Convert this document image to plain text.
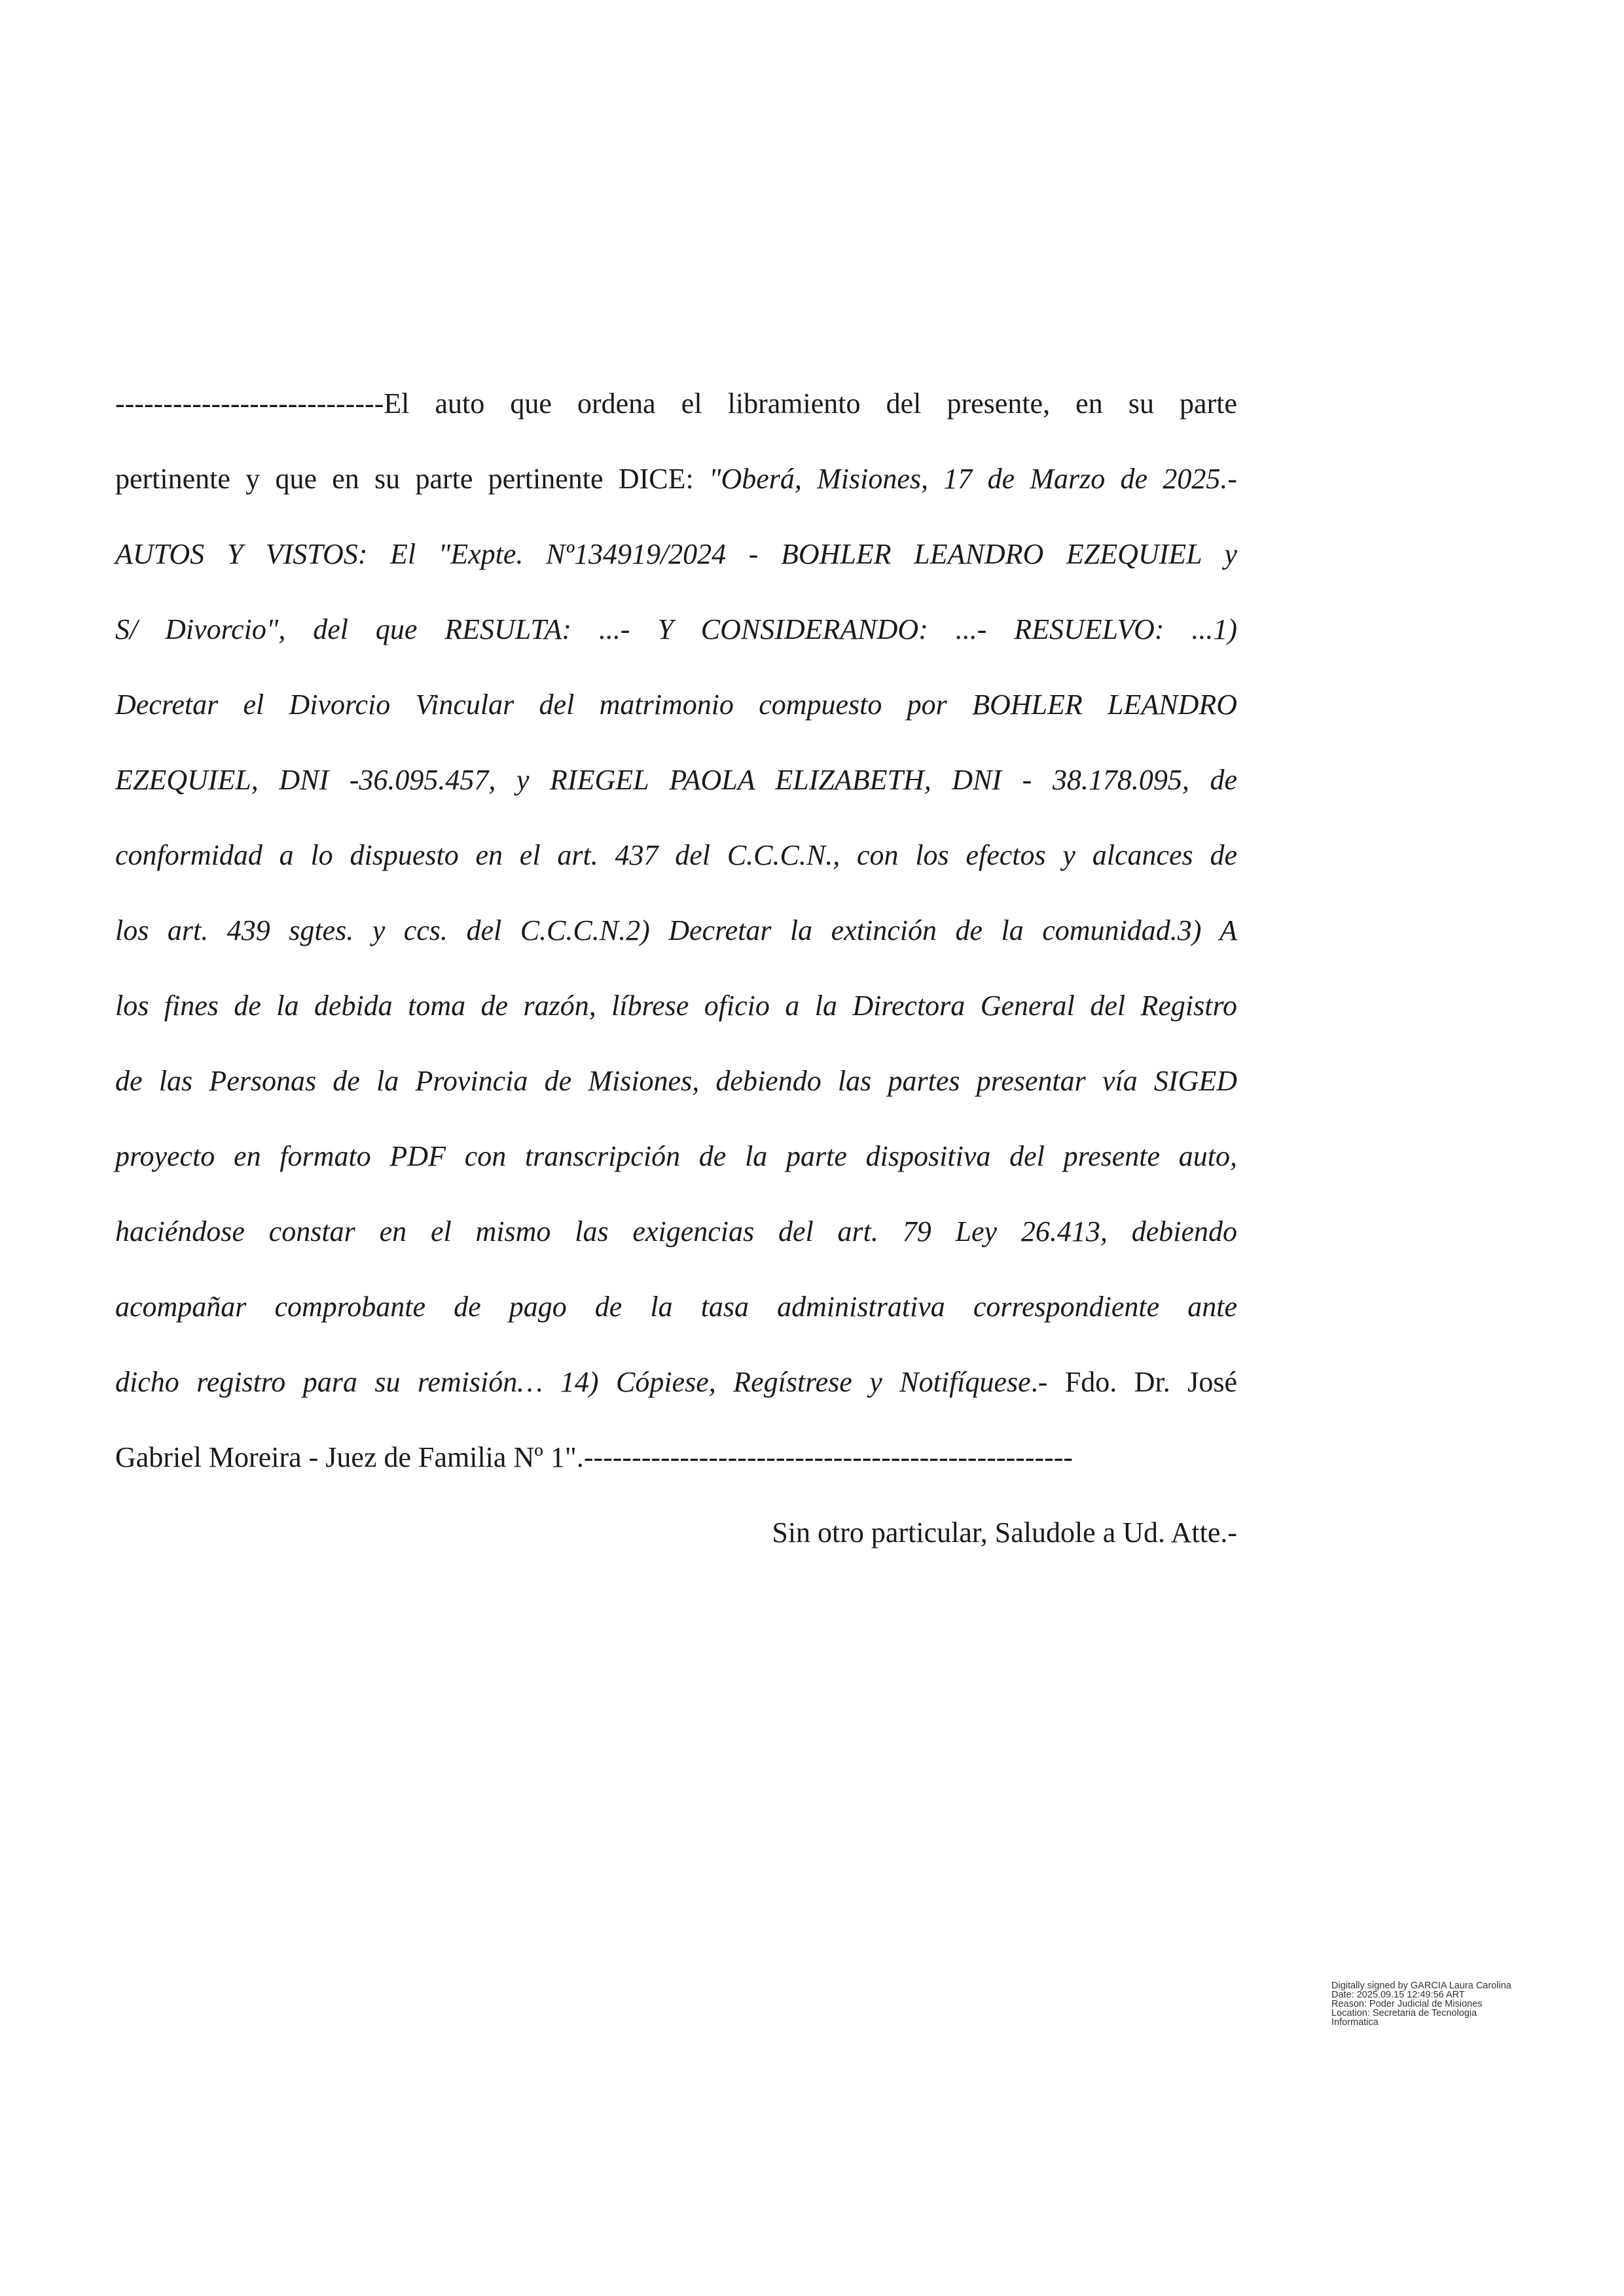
----------------------------El auto que ordena el libramiento del presente, en su parte
pertinente y que en su parte pertinente DICE: "Oberá, Misiones, 17 de Marzo de 2025.-
AUTOS Y VISTOS: El "Expte. Nº134919/2024 - BOHLER LEANDRO EZEQUIEL y
S/ Divorcio", del que RESULTA: ...- Y CONSIDERANDO: ...- RESUELVO: ...1)
Decretar el Divorcio Vincular del matrimonio compuesto por BOHLER LEANDRO
EZEQUIEL, DNI -36.095.457, y RIEGEL PAOLA ELIZABETH, DNI - 38.178.095, de
conformidad a lo dispuesto en el art. 437 del C.C.C.N., con los efectos y alcances de
los art. 439 sgtes. y ccs. del C.C.C.N.2) Decretar la extinción de la comunidad.3) A
los fines de la debida toma de razón, líbrese oficio a la Directora General del Registro
de las Personas de la Provincia de Misiones, debiendo las partes presentar vía SIGED
proyecto en formato PDF con transcripción de la parte dispositiva del presente auto,
haciéndose constar en el mismo las exigencias del art. 79 Ley 26.413, debiendo
acompañar comprobante de pago de la tasa administrativa correspondiente ante
dicho registro para su remisión… 14) Cópiese, Regístrese y Notifíquese.- Fdo. Dr. José
Gabriel Moreira - Juez de Familia Nº 1".---------------------------------------------------
Sin otro particular, Saludole a Ud. Atte.-
Digitally signed by GARCIA Laura Carolina
Date: 2025.09.15 12:49:56 ART
Reason: Poder Judicial de Misiones
Location: Secretaria de Tecnologia
Informatica
